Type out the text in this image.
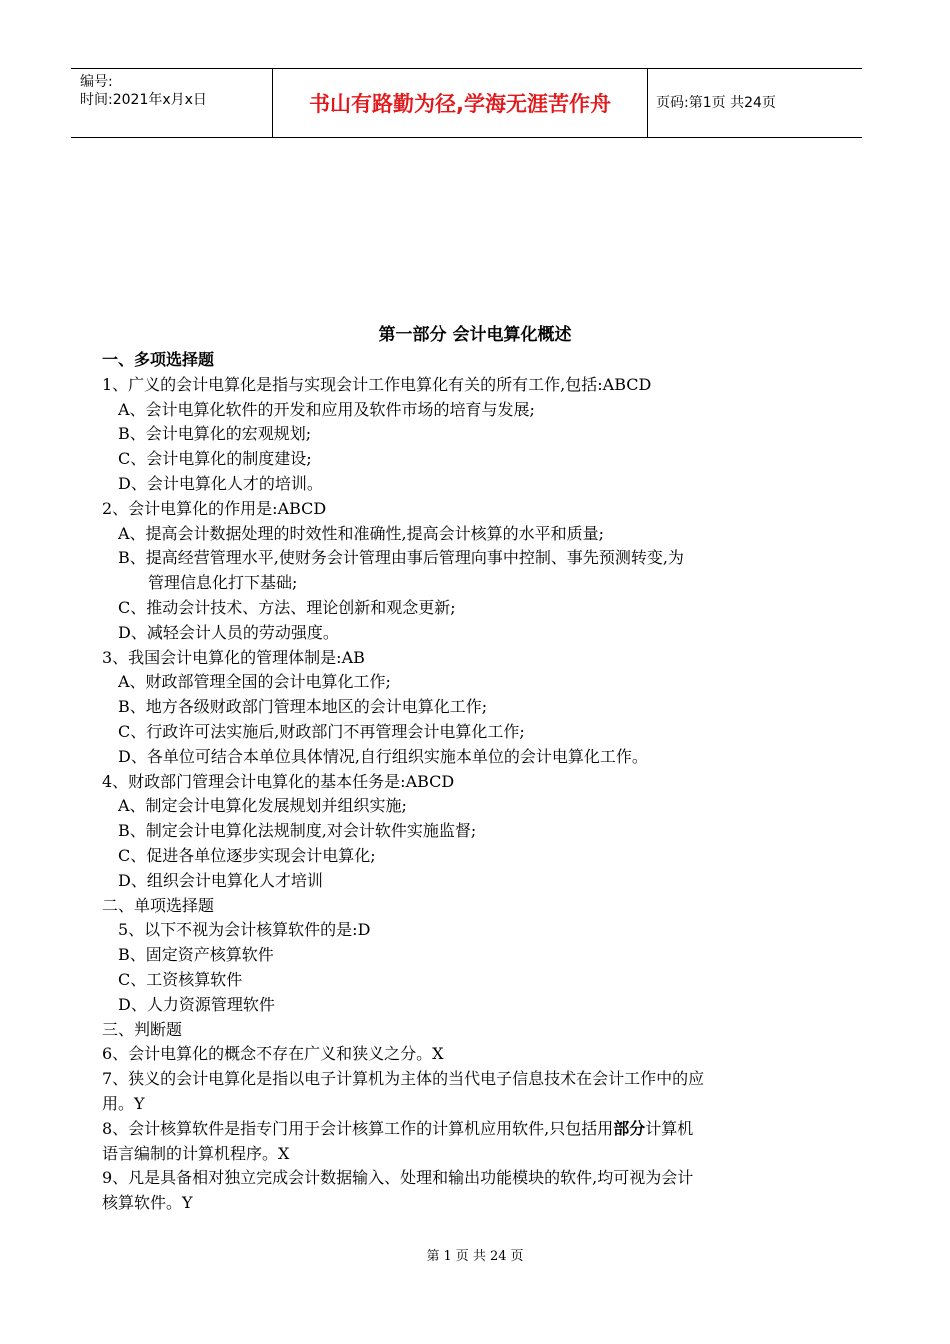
编号:
时间:2021年x月x日	书山有路勤为径,学海无涯苦作舟	页码:第1页 共24页
第一部分 会计电算化概述
一、多项选择题
1、广义的会计电算化是指与实现会计工作电算化有关的所有工作,包括:ABCD
A、会计电算化软件的开发和应用及软件市场的培育与发展;
B、会计电算化的宏观规划;
C、会计电算化的制度建设;
D、会计电算化人才的培训。
2、会计电算化的作用是:ABCD
A、提高会计数据处理的时效性和准确性,提高会计核算的水平和质量;
B、提高经营管理水平,使财务会计管理由事后管理向事中控制、事先预测转变,为
管理信息化打下基础;
C、推动会计技术、方法、理论创新和观念更新;
D、减轻会计人员的劳动强度。
3、我国会计电算化的管理体制是:AB
A、财政部管理全国的会计电算化工作;
B、地方各级财政部门管理本地区的会计电算化工作;
C、行政许可法实施后,财政部门不再管理会计电算化工作;
D、各单位可结合本单位具体情况,自行组织实施本单位的会计电算化工作。
4、财政部门管理会计电算化的基本任务是:ABCD
A、制定会计电算化发展规划并组织实施;
B、制定会计电算化法规制度,对会计软件实施监督;
C、促进各单位逐步实现会计电算化;
D、组织会计电算化人才培训
二、单项选择题
5、以下不视为会计核算软件的是:D
B、固定资产核算软件
C、工资核算软件
D、人力资源管理软件
三、判断题
6、会计电算化的概念不存在广义和狭义之分。X
7、狭义的会计电算化是指以电子计算机为主体的当代电子信息技术在会计工作中的应
用。Y
8、会计核算软件是指专门用于会计核算工作的计算机应用软件,只包括用部分计算机
语言编制的计算机程序。X
9、凡是具备相对独立完成会计数据输入、处理和输出功能模块的软件,均可视为会计
核算软件。Y
第 1 页 共 24 页
